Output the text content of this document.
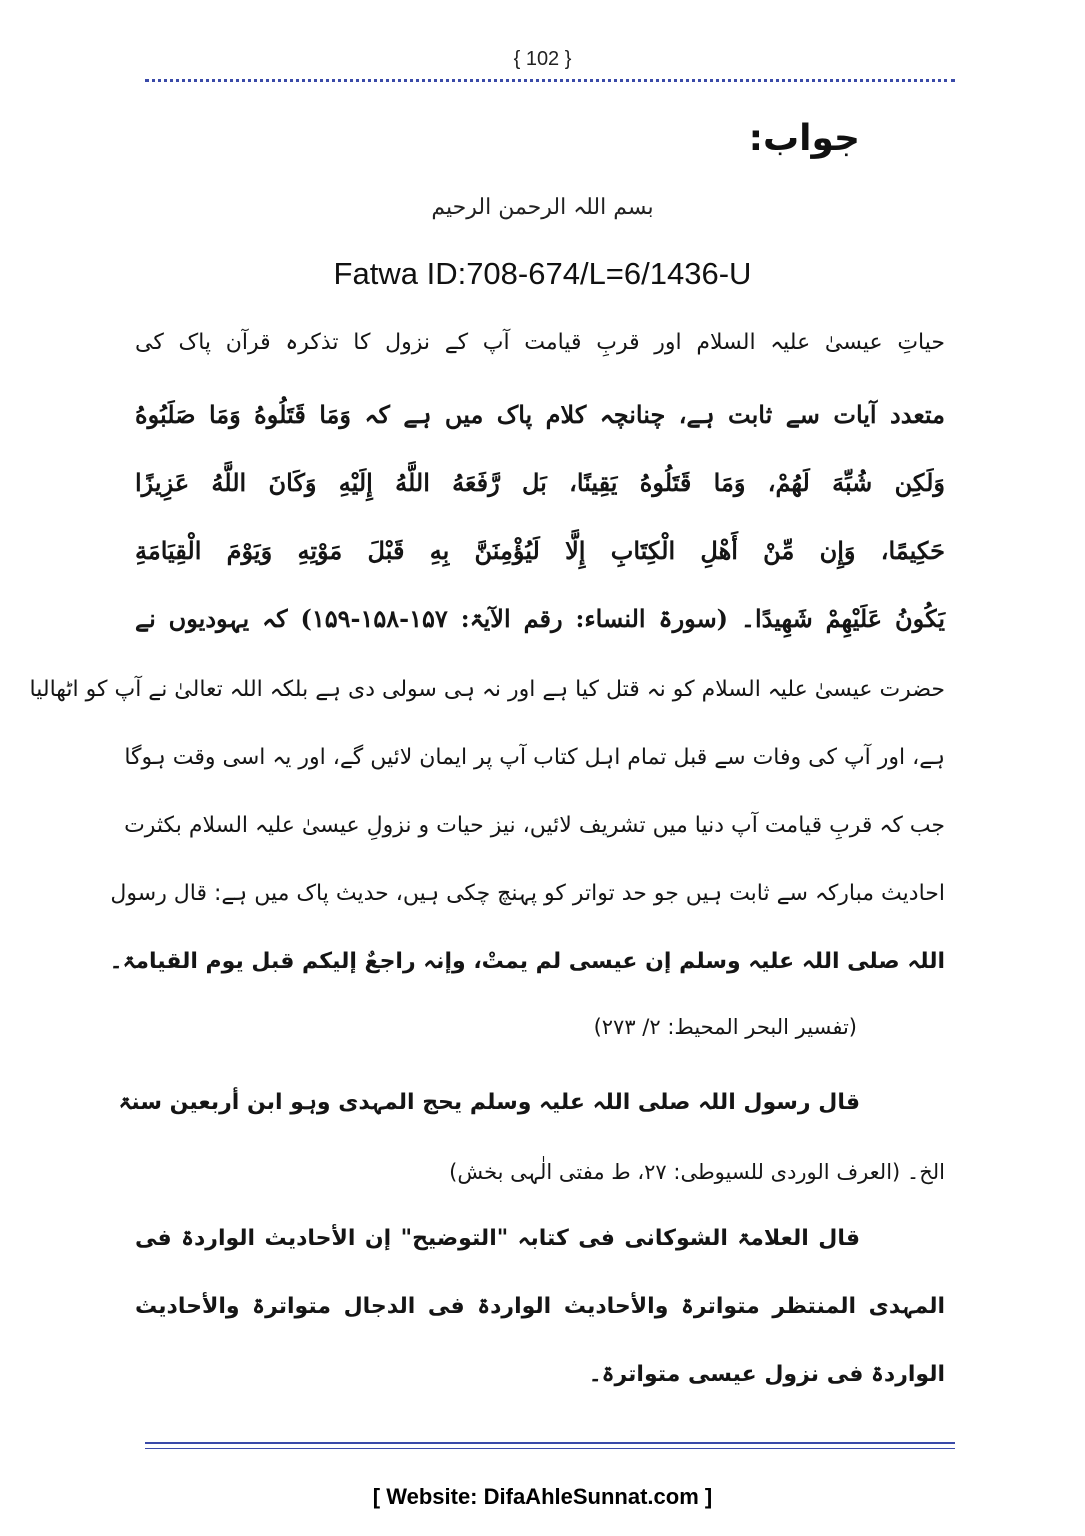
{ 102 }
جواب:
بسم اللہ الرحمن الرحیم
Fatwa ID:708-674/L=6/1436-U
حیاتِ عیسیٰ علیہ السلام اور قربِ قیامت آپ کے نزول کا تذکرہ قرآن پاک کی
متعدد آیات سے ثابت ہے، چنانچہ کلام پاک میں ہے کہ وَمَا قَتَلُوهُ وَمَا صَلَبُوهُ
وَلَكِن شُبِّهَ لَهُمْ، وَمَا قَتَلُوهُ يَقِينًا، بَل رَّفَعَهُ اللَّهُ إِلَيْهِ وَكَانَ اللَّهُ عَزِيزًا
حَكِيمًا، وَإِن مِّنْ أَهْلِ الْكِتَابِ إِلَّا لَيُؤْمِنَنَّ بِهِ قَبْلَ مَوْتِهِ وَيَوْمَ الْقِيَامَةِ
يَكُونُ عَلَيْهِمْ شَهِيدًا۔ (سورۃ النساء: رقم الآیۃ: ۱۵۷-۱۵۸-۱۵۹) کہ یہودیوں نے
حضرت عیسیٰ علیہ السلام کو نہ قتل کیا ہے اور نہ ہی سولی دی ہے بلکہ اللہ تعالیٰ نے آپ کو اٹھالیا
ہے، اور آپ کی وفات سے قبل تمام اہل کتاب آپ پر ایمان لائیں گے، اور یہ اسی وقت ہوگا
جب کہ قربِ قیامت آپ دنیا میں تشریف لائیں، نیز حیات و نزولِ عیسیٰ علیہ السلام بکثرت
احادیث مبارکہ سے ثابت ہیں جو حد تواتر کو پہنچ چکی ہیں، حدیث پاک میں ہے: قال رسول
اللہ صلی اللہ علیہ وسلم إن عیسی لم یمتْ، وإنہ راجعٌ إلیکم قبل یوم القیامۃ۔
(تفسیر البحر المحیط: ۲/ ۲۷۳)
قال رسول اللہ صلی اللہ علیہ وسلم یحج المہدی وہو ابن أربعین سنۃ
الخ۔ (العرف الوردی للسیوطی: ۲۷، ط مفتی الٰہی بخش)
قال العلامۃ الشوکانی فی کتابہ "التوضیح" إن الأحادیث الواردۃ فی
المہدی المنتظر متواترۃ والأحادیث الواردۃ فی الدجال متواترۃ والأحادیث
الواردۃ فی نزول عیسی متواترۃ۔
[ Website: DifaAhleSunnat.com ]
